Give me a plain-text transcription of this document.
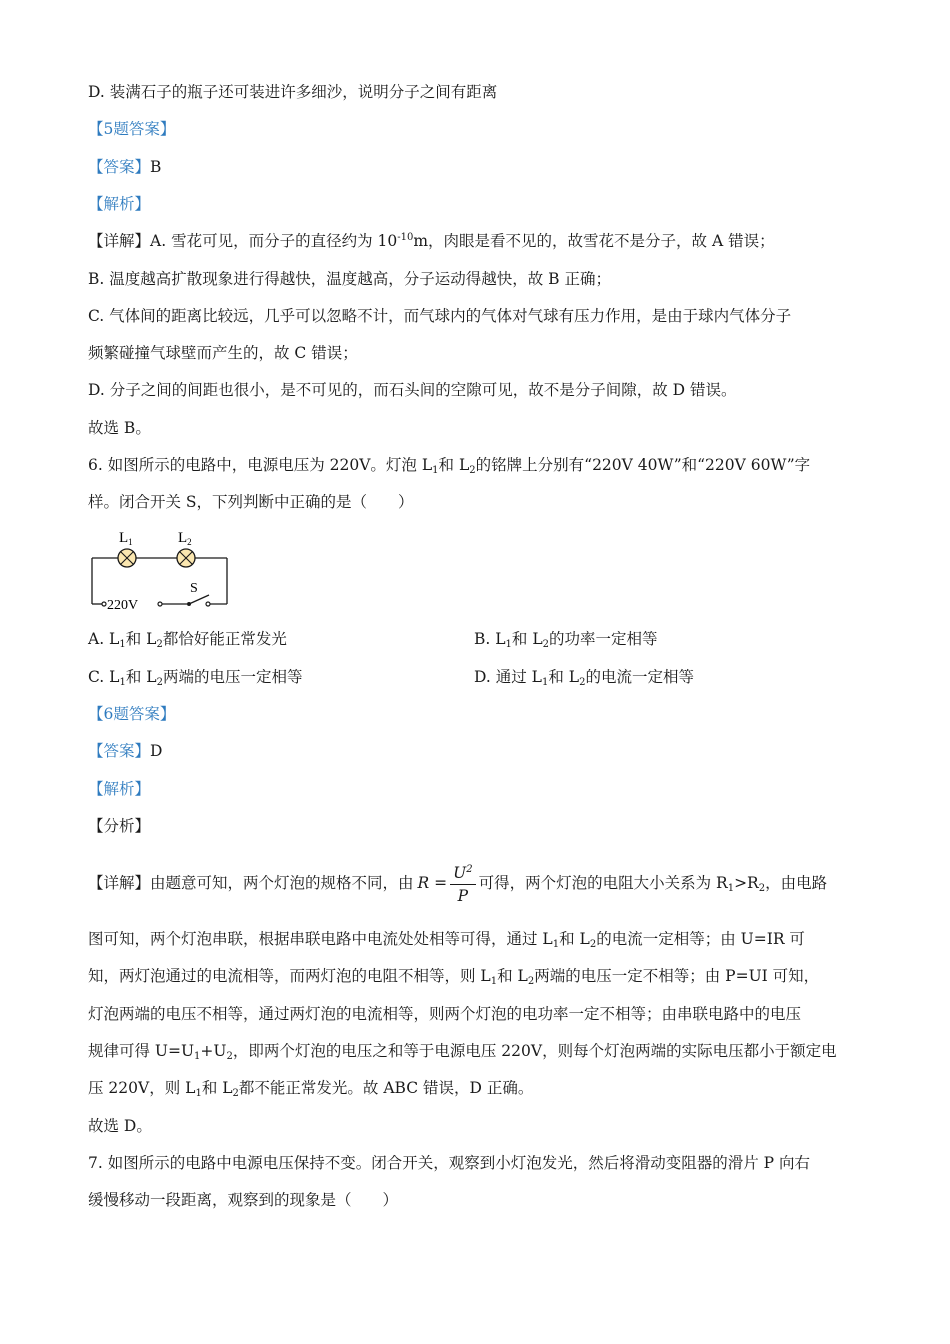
D. 装满石子的瓶子还可装进许多细沙，说明分子之间有距离
【5题答案】
【答案】B
【解析】
【详解】A. 雪花可见，而分子的直径约为 $10^{-10}m$，肉眼是看不见的，故雪花不是分子，故 A 错误；
B. 温度越高扩散现象进行得越快，温度越高，分子运动得越快，故 B 正确；
C. 气体间的距离比较远，几乎可以忽略不计，而气球内的气体对气球有压力作用，是由于球内气体分子
频繁碰撞气球壁而产生的，故 C 错误；
D. 分子之间的间距也很小，是不可见的，而石头间的空隙可见，故不是分子间隙，故 D 错误。
故选 B。
6. 如图所示的电路中，电源电压为 220V。灯泡 $L_1$和 $L_2$的铭牌上分别有“220V 40W”和“220V 60W”字
样。闭合开关 S，下列判断中正确的是（　　）
$L_1$	$L_2$
220V
S
A. $L_1$和 $L_2$都恰好能正常发光	B. $L_1$和 $L_2$的功率一定相等
C. $L_1$和 $L_2$两端的电压一定相等	D. 通过 $L_1$和 $L_2$的电流一定相等
【6题答案】
【答案】D
【解析】
【分析】
【详解】由题意可知，两个灯泡的规格不同，由 $R = \frac{U^2}{P}$ 可得，两个灯泡的电阻大小关系为 $R_1>R_2$，由电路
图可知，两个灯泡串联，根据串联电路中电流处处相等可得，通过 $L_1$和 $L_2$的电流一定相等；由 U=IR 可
知，两灯泡通过的电流相等，而两灯泡的电阻不相等，则 $L_1$和 $L_2$两端的电压一定不相等；由 P=UI 可知，
灯泡两端的电压不相等，通过两灯泡的电流相等，则两个灯泡的电功率一定不相等；由串联电路中的电压
规律可得 $U=U_1+U_2$，即两个灯泡的电压之和等于电源电压 220V，则每个灯泡两端的实际电压都小于额定电
压 220V，则 $L_1$和 $L_2$都不能正常发光。故 ABC 错误，D 正确。
故选 D。
7. 如图所示的电路中电源电压保持不变。闭合开关，观察到小灯泡发光，然后将滑动变阻器的滑片 P 向右
缓慢移动一段距离，观察到的现象是（　　）
